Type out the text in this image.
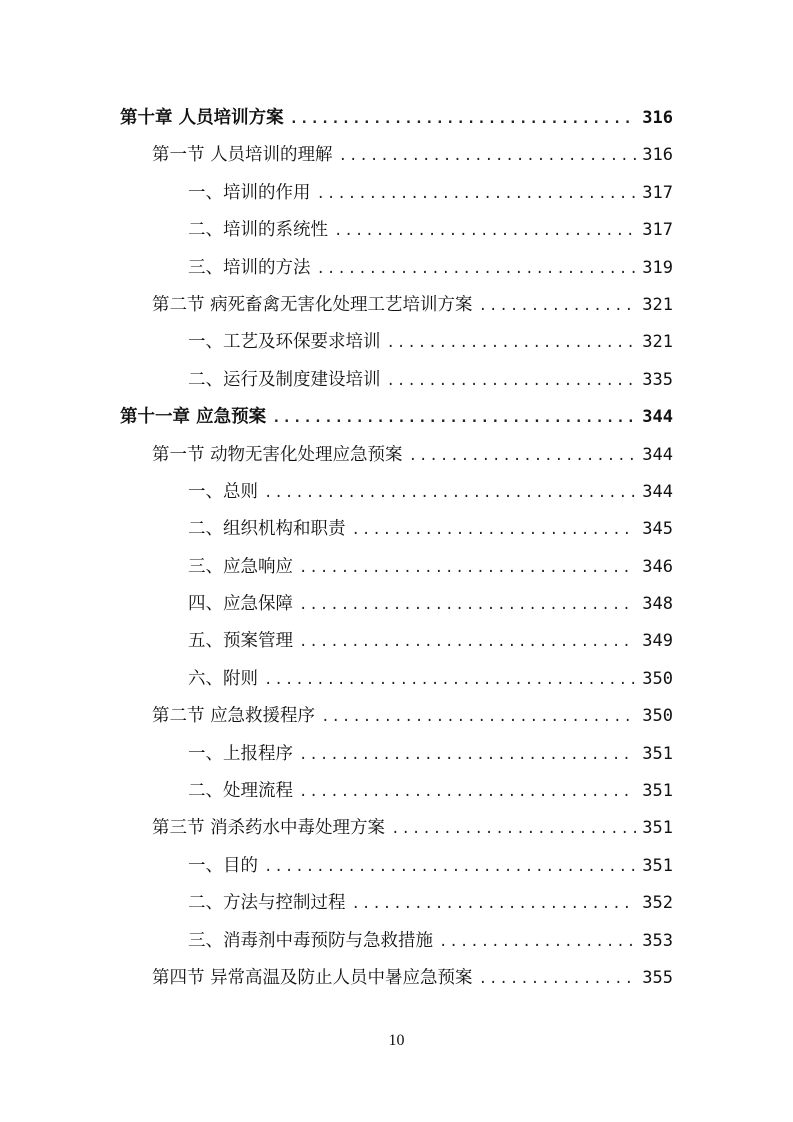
第十章 人员培训方案 .....	316
第一节 人员培训的理解 .....	316
一、培训的作用 .....	317
二、培训的系统性 .....	317
三、培训的方法 .....	319
第二节 病死畜禽无害化处理工艺培训方案 .....	321
一、工艺及环保要求培训 .....	321
二、运行及制度建设培训 .....	335
第十一章 应急预案 .....	344
第一节 动物无害化处理应急预案 .....	344
一、总则 .....	344
二、组织机构和职责 .....	345
三、应急响应 .....	346
四、应急保障 .....	348
五、预案管理 .....	349
六、附则 .....	350
第二节 应急救援程序 .....	350
一、上报程序 .....	351
二、处理流程 .....	351
第三节 消杀药水中毒处理方案 .....	351
一、目的 .....	351
二、方法与控制过程 .....	352
三、消毒剂中毒预防与急救措施 .....	353
第四节 异常高温及防止人员中暑应急预案 .....	355
10
